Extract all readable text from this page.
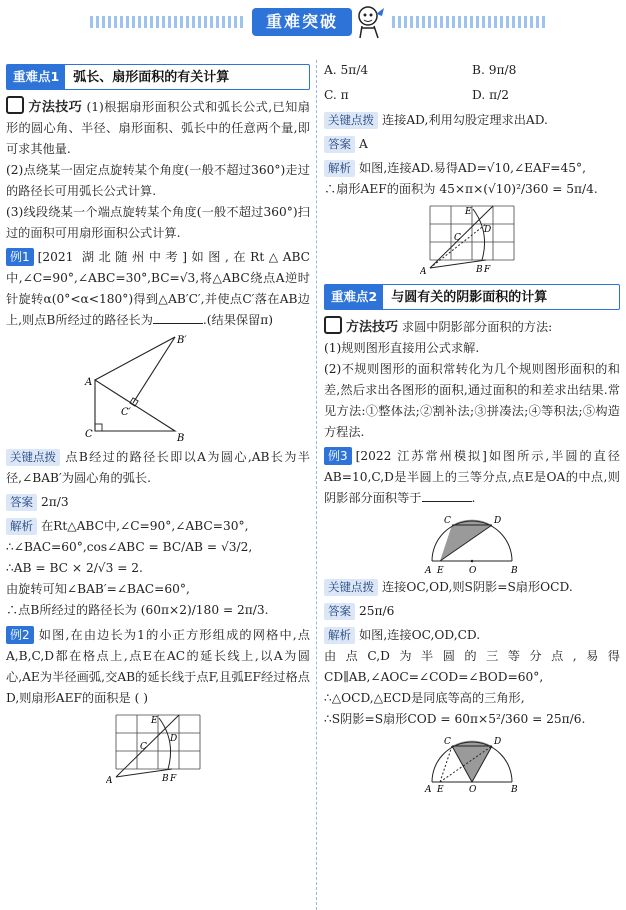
重难突破
重难点1	弧长、扇形面积的有关计算
方法技巧 (1)根据扇形面积公式和弧长公式,已知扇形的圆心角、半径、扇形面积、弧长中的任意两个量,即可求其他量.

(2)点绕某一固定点旋转某个角度(一般不超过360°)走过的路径长可用弧长公式计算.

(3)线段绕某一个端点旋转某个角度(一般不超过360°)扫过的面积可用扇形面积公式计算.

例1 [2021 湖北随州中考]如图,在Rt△ABC中,∠C=90°,∠ABC=30°,BC=√3,将△ABC绕点A逆时针旋转α(0°<α<180°)得到△AB′C′,并使点C′落在AB边上,则点B所经过的路径长为	.(结果保留π)

A
B
C
B′
C′

关键点拨 点B经过的路径长即以A为圆心,AB长为半径,∠BAB′为圆心角的弧长.

答案 2π/3

解析 在Rt△ABC中,∠C=90°,∠ABC=30°,

∴∠BAC=60°,cos∠ABC = BC/AB = √3/2,

∴AB = BC × 2/√3 = 2.

由旋转可知∠BAB′=∠BAC=60°,

∴点B所经过的路径长为 (60π×2)/180 = 2π/3.

例2 如图,在由边长为1的小正方形组成的网格中,点A,B,C,D都在格点上,点E在AC的延长线上,以A为圆心,AE为半径画弧,交AB的延长线于点F,且弧EF经过格点D,则扇形AEF的面积是 ( )

A
E
C
D
B F
A. 5π/4	B. 9π/8
C. π	D. π/2

关键点拨 连接AD,利用勾股定理求出AD.

答案 A

解析 如图,连接AD.易得AD=√10,∠EAF=45°,

∴扇形AEF的面积为 45×π×(√10)²/360 = 5π/4.

A
E
C
D
B F
重难点2	与圆有关的阴影面积的计算

方法技巧 求圆中阴影部分面积的方法:

(1)规则图形直接用公式求解.

(2)不规则图形的面积常转化为几个规则图形面积的和差,然后求出各图形的面积,通过面积的和差求出结果.常见方法:①整体法;②割补法;③拼凑法;④等积法;⑤构造方程法.

例3 [2022 江苏常州模拟]如图所示,半圆的直径AB=10,C,D是半圆上的三等分点,点E是OA的中点,则阴影部分面积等于	.

A E	O	B
C	D

关键点拨 连接OC,OD,则S阴影=S扇形OCD.

答案 25π/6

解析 如图,连接OC,OD,CD.

由点C,D为半圆的三等分点,易得CD∥AB,∠AOC=∠COD=∠BOD=60°,

∴△OCD,△ECD是同底等高的三角形,

∴S阴影=S扇形COD = 60π×5²/360 = 25π/6.

A E	O	B
C	D
